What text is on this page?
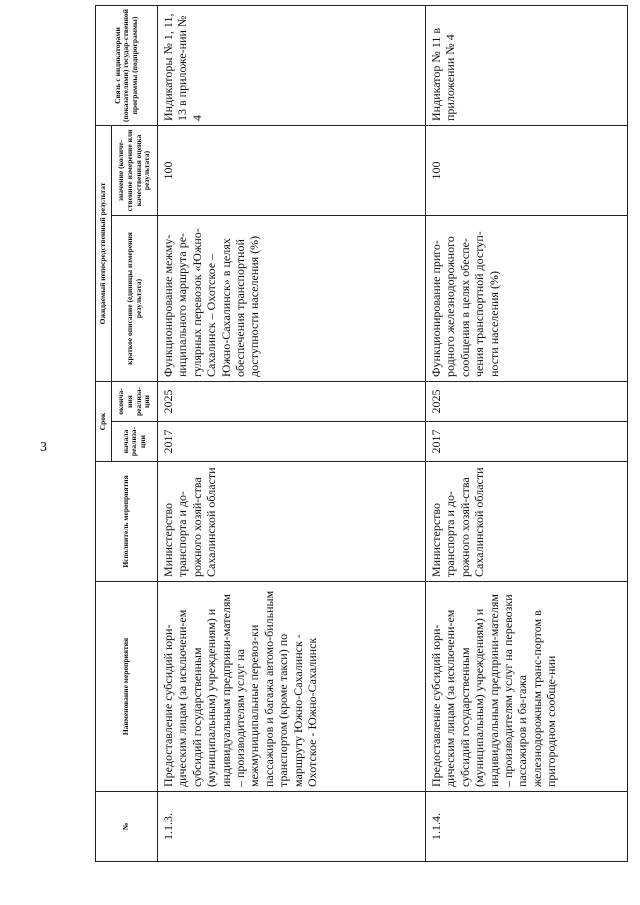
3
№	Наименование мероприятия	Исполнитель мероприятия	Срок		Ожидаемый непосредственный результат		Связь с индикаторами (показателями) государ-ственной программы (подпрограммы)
			начала реализа-ции	оконча-ния реализа-ции	краткое описание (единицы измерения результата)	значение (количе-ственное измерение или качественная оценка результата)	
1.1.3.	Предоставление субсидий юри-дическим лицам (за исключени-ем субсидий государственным (муниципальным) учреждениям) и индивидуальным предприни-мателям – производителям услуг на межмуниципальные перевоз-ки пассажиров и багажа автомо-бильным транспортом (кроме такси) по маршруту Южно-Сахалинск - Охотское - Южно-Сахалинск	Министерство транспорта и до-рожного хозяй-ства Сахалинской области	2017	2025	Функционирование межму-ниципального маршрута ре-гулярных перевозок «Южно-Сахалинск – Охотское – Южно-Сахалинск» в целях обеспечения транспортной доступности населения (%)	100	Индикаторы № 1, 11, 13 в приложе-нии № 4
1.1.4.	Предоставление субсидий юри-дическим лицам (за исключени-ем субсидий государственным (муниципальным) учреждениям) и индивидуальным предприни-мателям – производителям услуг на перевозки пассажиров и ба-гажа железнодорожным транс-портом в пригородном сообще-нии	Министерство транспорта и до-рожного хозяй-ства Сахалинской области	2017	2025	Функционирование приго-родного железнодорожного сообщения в целях обеспе-чения транспортной доступ-ности населения (%)	100	Индикатор № 11 в приложении № 4
